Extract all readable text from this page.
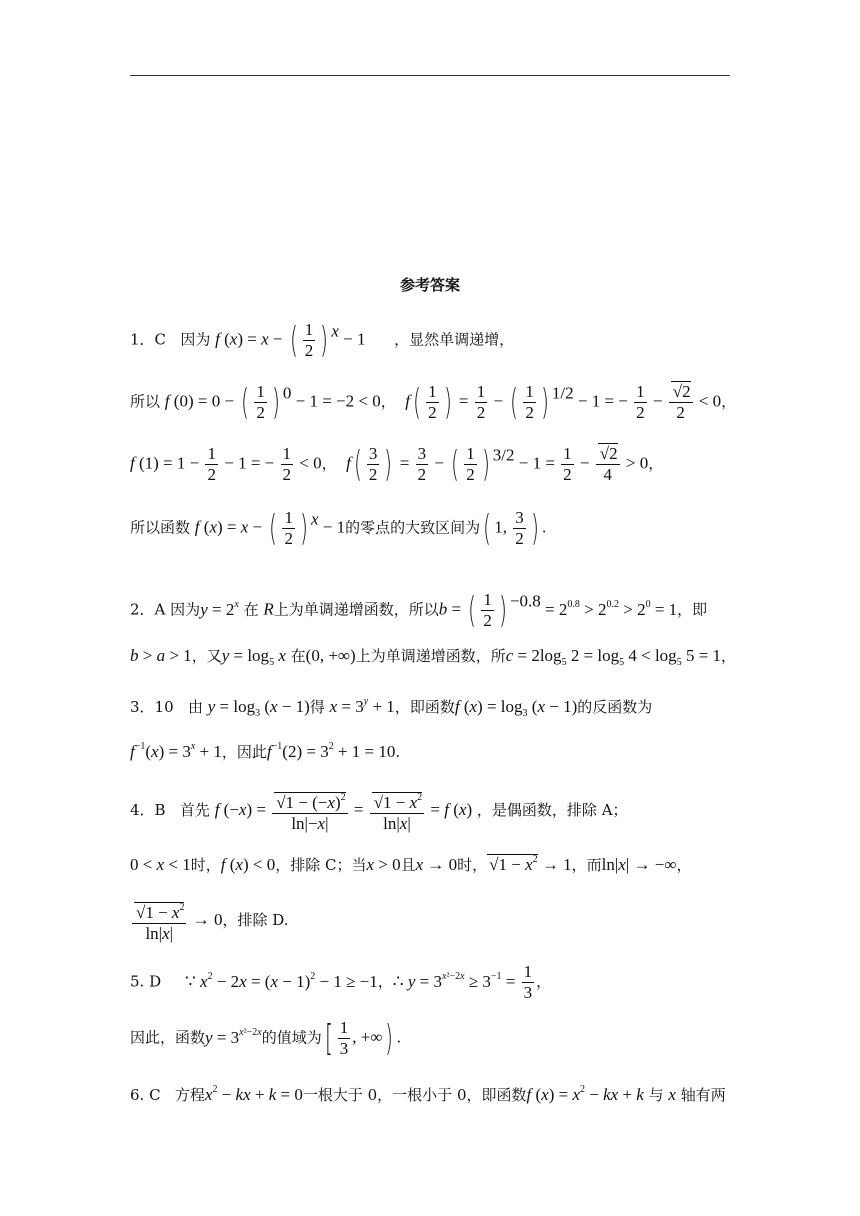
参考答案
1．C 因为 f (x) = x − ( $\frac{1}{2}$ ) $^x$ − 1 ，显然单调递增，
所以 f (0) = 0 − ( $\frac{1}{2}$ ) $^0$ − 1 = −2 < 0，  $f( \frac{1}{2}$ ) = $\frac{1}{2}$ − ( $\frac{1}{2}$ ) $^{1/2}$ − 1 = − $\frac{1}{2} - \frac{√2}{2} < 0$，
f $(1) = 1 - \frac{1}{2} - 1$ = − $\frac{1}{2} < 0$，  $f( \frac{3}{2}$ ) = $\frac{3}{2}$ − ( $\frac{1}{2}$ ) $^{3/2} - 1 = \frac{1}{2} - \frac{√2}{4} > 0$，
所以函数 f (x) = x − ( $\frac{1}{2}$ ) $^x$ − 1的零点的大致区间为( 1, $\frac{3}{2}$ ) .
2．A 因为$y = 2^x$ 在 R上为单调递增函数，所以b = ( $\frac{1}{2}$ ) $^{-0.8} = 2^{0.8} > 2^{0.2} > 2^0 = 1$，即
b > a > 1，又$y = \log_5 x$ 在(0, +∞)上为单调递增函数，所$c = 2\log_5$ $2 = \log_5 4 < \log_5 5 = 1$，
3．10 由 $y = \log_3 (x - 1)$得 $x = 3^y + 1$，即函数f $(x) = \log_3 (x - 1)$的反函数为
$f^{-1}(x) = 3^x + 1$，因此$f^{-1}(2) = 3^2 + 1 = 10$.
4．B 首先 f $(-x) = \frac{√1 - (-x)^2}{\ln|-x|} = \frac{√1 - x^2}{\ln|x|} = f$ (x) ，是偶函数，排除 A；
0 < x < 1时，f (x) < 0，排除 C；当x > 0且x → 0时， $√1 - x^2 \to 1$，而ln|x| → −∞，
$\frac{√1 - x^2}{\ln|x|} \to 0$，排除 D.
5. D ∵ $x^2 - 2x = (x - 1)^2 - 1 \ge -1$，∴ $y = 3^{x^2-2x} \ge 3^{-1} = \frac{1}{3}$ ，
因此，函数$y = 3^{x^2-2x}$的值域为[ $\frac{1}{3}$ , +∞) .
6. C 方程$x^2$ − kx + k = 0一根大于 0，一根小于 0，即函数f $(x) = x^2$ − kx + k 与 x 轴有两
